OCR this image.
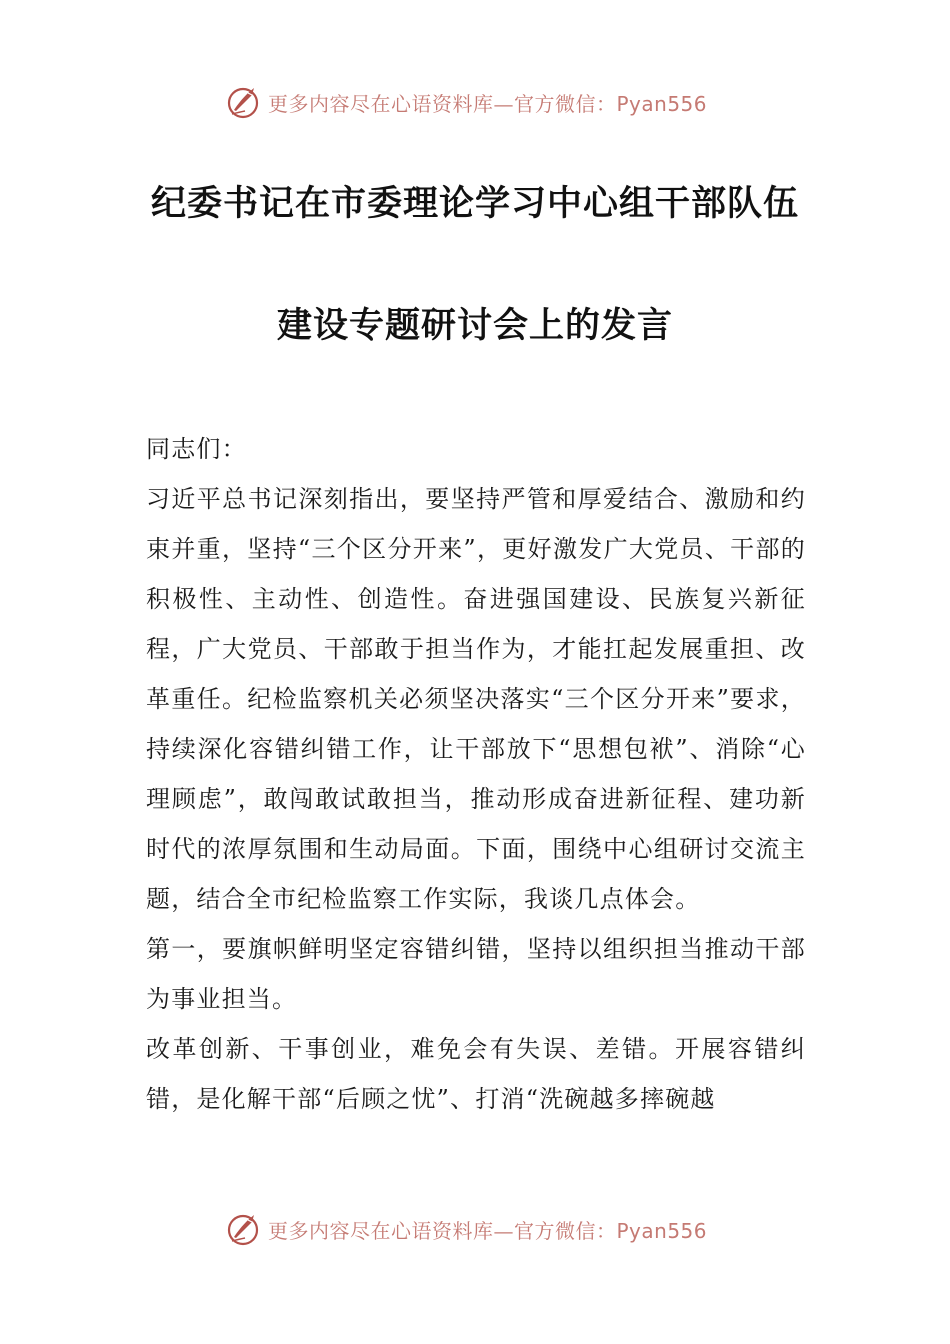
更多内容尽在心语资料库—官方微信：Pyan556
纪委书记在市委理论学习中心组干部队伍
建设专题研讨会上的发言

同志们：

习近平总书记深刻指出，要坚持严管和厚爱结合、激励和约束并重，坚持“三个区分开来”，更好激发广大党员、干部的积极性、主动性、创造性。奋进强国建设、民族复兴新征程，广大党员、干部敢于担当作为，才能扛起发展重担、改革重任。纪检监察机关必须坚决落实“三个区分开来”要求，持续深化容错纠错工作，让干部放下“思想包袱”、消除“心理顾虑”，敢闯敢试敢担当，推动形成奋进新征程、建功新时代的浓厚氛围和生动局面。下面，围绕中心组研讨交流主题，结合全市纪检监察工作实际，我谈几点体会。

第一，要旗帜鲜明坚定容错纠错，坚持以组织担当推动干部为事业担当。

改革创新、干事创业，难免会有失误、差错。开展容错纠错，是化解干部“后顾之忧”、打消“洗碗越多摔碗越

更多内容尽在心语资料库—官方微信：Pyan556
